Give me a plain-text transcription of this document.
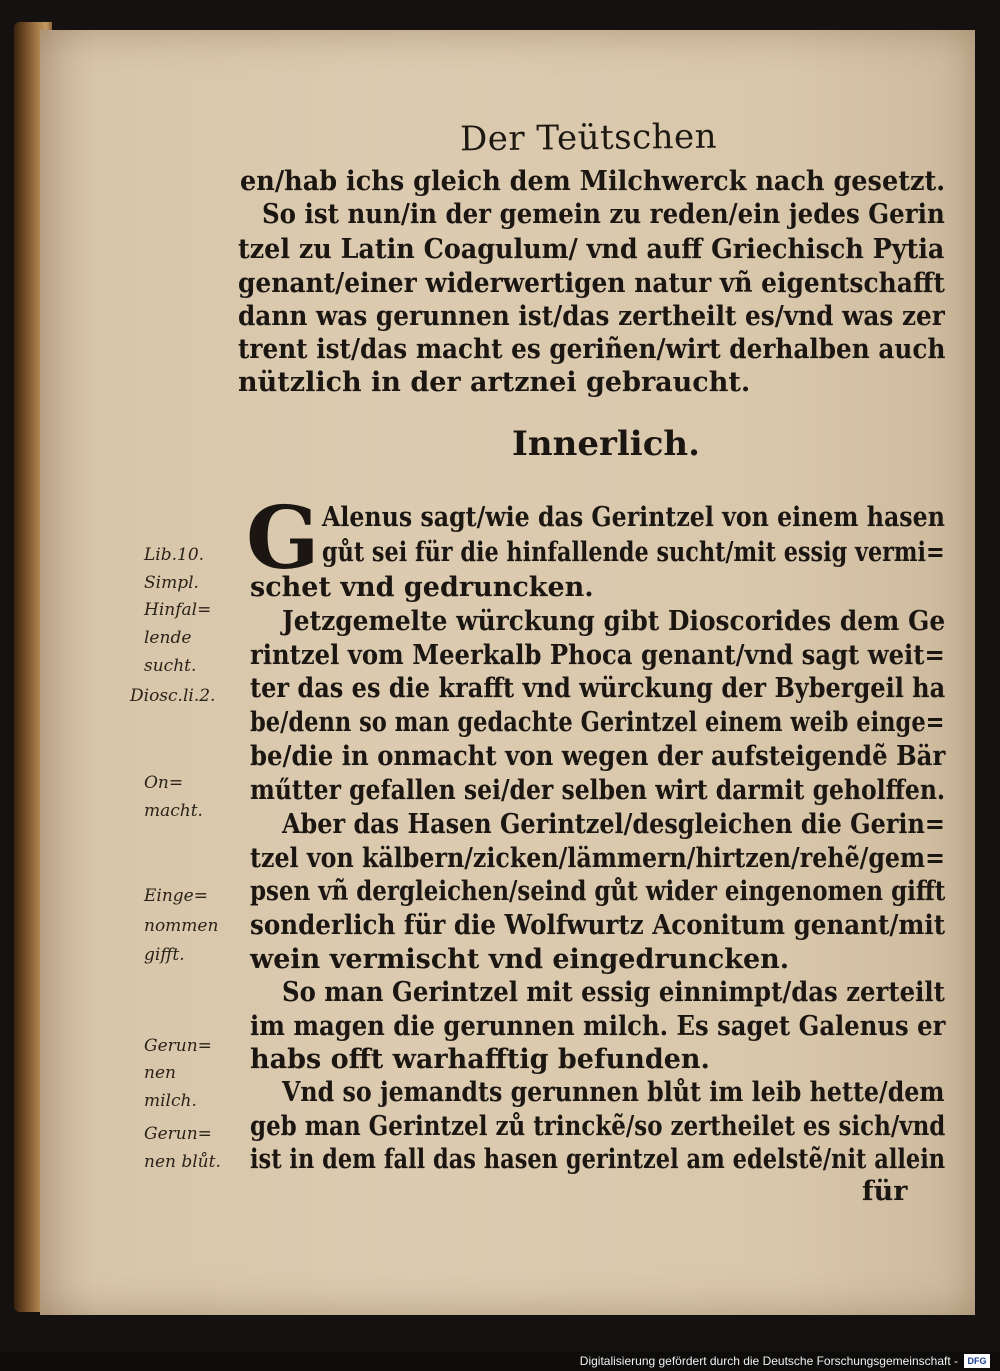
Der Teütschen
en/hab ichs gleich dem Milchwerck nach gesetzt.
So ist nun/in der gemein zu reden/ein jedes Gerin
tzel zu Latin Coagulum/ vnd auff Griechisch Pytia
genant/einer widerwertigen natur vñ eigentschafft
dann was gerunnen ist/das zertheilt es/vnd was zer
trent ist/das macht es geriñen/wirt derhalben auch
nützlich in der artznei gebraucht.
Innerlich.
G Alenus sagt/wie das Gerintzel von einem hasen
gůt sei für die hinfallende sucht/mit essig vermi=
schet vnd gedruncken.
Jetzgemelte würckung gibt Dioscorides dem Ge
rintzel vom Meerkalb Phoca genant/vnd sagt weit=
ter das es die krafft vnd würckung der Bybergeil ha
be/denn so man gedachte Gerintzel einem weib einge=
be/die in onmacht von wegen der aufsteigendẽ Bär
műtter gefallen sei/der selben wirt darmit geholffen.
Aber das Hasen Gerintzel/desgleichen die Gerin=
tzel von kälbern/zicken/lämmern/hirtzen/rehẽ/gem=
psen vñ dergleichen/seind gůt wider eingenomen gifft
sonderlich für die Wolfwurtz Aconitum genant/mit
wein vermischt vnd eingedruncken.
So man Gerintzel mit essig einnimpt/das zerteilt
im magen die gerunnen milch. Es saget Galenus er
habs offt warhafftig befunden.
Vnd so jemandts gerunnen blůt im leib hette/dem
geb man Gerintzel zů trinckẽ/so zertheilet es sich/vnd
ist in dem fall das hasen gerintzel am edelstẽ/nit allein
für
Lib.10.
Simpl.
Hinfal=
lende
sucht.
Diosc.li.2.
On=
macht.
Einge=
nommen
gifft.
Gerun=
nen
milch.
Gerun=
nen blůt.
Digitalisierung gefördert durch die Deutsche Forschungsgemeinschaft -	DFG
